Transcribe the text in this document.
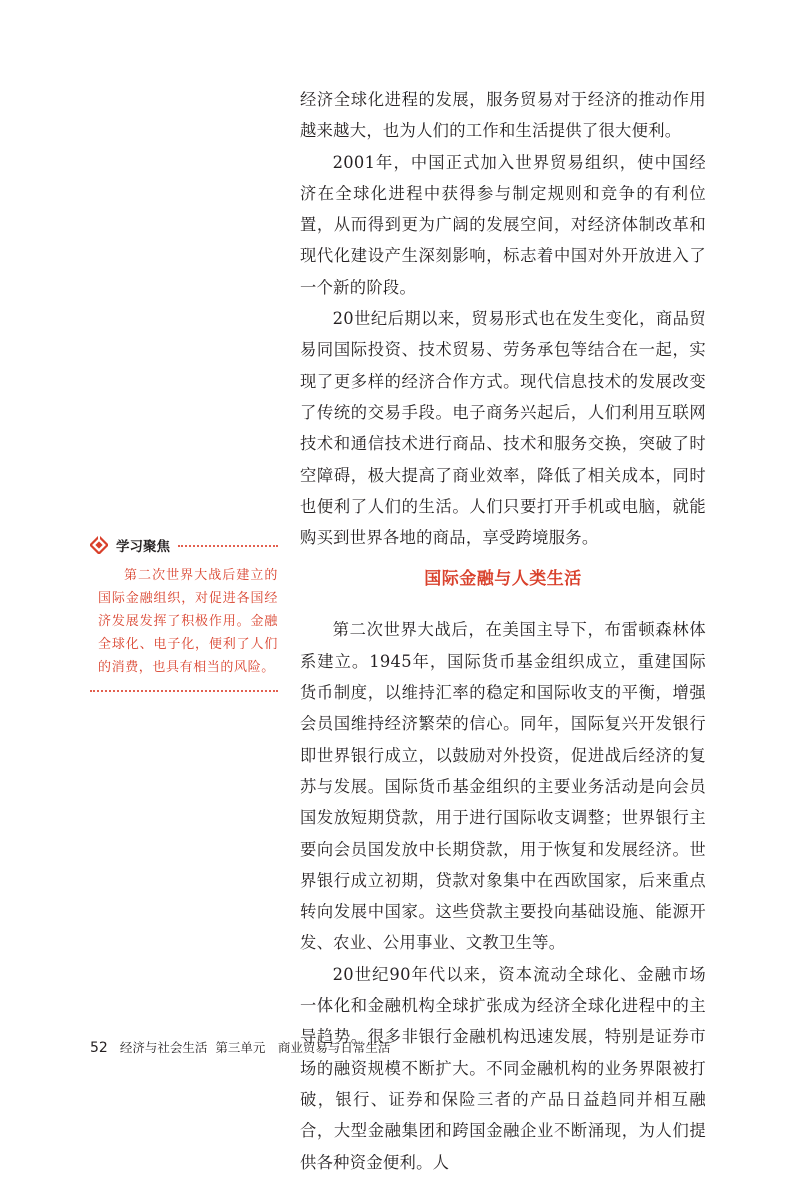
经济全球化进程的发展，服务贸易对于经济的推动作用越来越大，也为人们的工作和生活提供了很大便利。

2001年，中国正式加入世界贸易组织，使中国经济在全球化进程中获得参与制定规则和竞争的有利位置，从而得到更为广阔的发展空间，对经济体制改革和现代化建设产生深刻影响，标志着中国对外开放进入了一个新的阶段。

20世纪后期以来，贸易形式也在发生变化，商品贸易同国际投资、技术贸易、劳务承包等结合在一起，实现了更多样的经济合作方式。现代信息技术的发展改变了传统的交易手段。电子商务兴起后，人们利用互联网技术和通信技术进行商品、技术和服务交换，突破了时空障碍，极大提高了商业效率，降低了相关成本，同时也便利了人们的生活。人们只要打开手机或电脑，就能购买到世界各地的商品，享受跨境服务。

国际金融与人类生活

第二次世界大战后，在美国主导下，布雷顿森林体系建立。1945年，国际货币基金组织成立，重建国际货币制度，以维持汇率的稳定和国际收支的平衡，增强会员国维持经济繁荣的信心。同年，国际复兴开发银行即世界银行成立，以鼓励对外投资，促进战后经济的复苏与发展。国际货币基金组织的主要业务活动是向会员国发放短期贷款，用于进行国际收支调整；世界银行主要向会员国发放中长期贷款，用于恢复和发展经济。世界银行成立初期，贷款对象集中在西欧国家，后来重点转向发展中国家。这些贷款主要投向基础设施、能源开发、农业、公用事业、文教卫生等。

20世纪90年代以来，资本流动全球化、金融市场一体化和金融机构全球扩张成为经济全球化进程中的主导趋势。很多非银行金融机构迅速发展，特别是证券市场的融资规模不断扩大。不同金融机构的业务界限被打破，银行、证券和保险三者的产品日益趋同并相互融合，大型金融集团和跨国金融企业不断涌现，为人们提供各种资金便利。人

学习聚焦
第二次世界大战后建立的国际金融组织，对促进各国经济发展发挥了积极作用。金融全球化、电子化，便利了人们的消费，也具有相当的风险。
52 经济与社会生活 第三单元　商业贸易与日常生活
